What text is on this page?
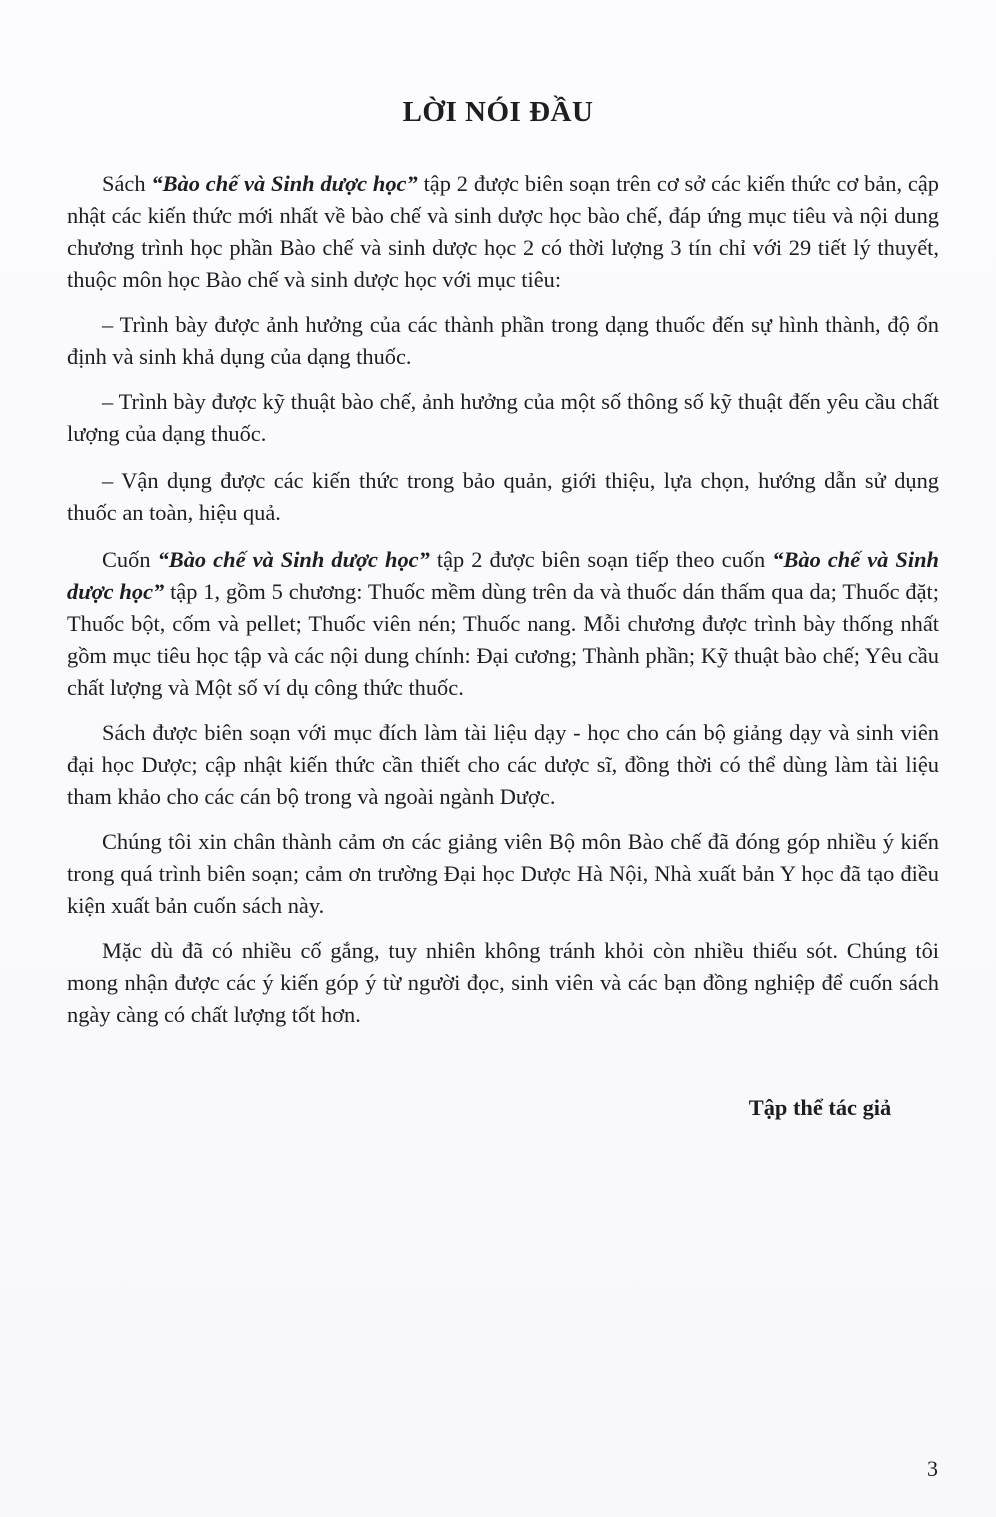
LỜI NÓI ĐẦU

Sách “Bào chế và Sinh dược học” tập 2 được biên soạn trên cơ sở các kiến thức cơ bản, cập nhật các kiến thức mới nhất về bào chế và sinh dược học bào chế, đáp ứng mục tiêu và nội dung chương trình học phần Bào chế và sinh dược học 2 có thời lượng 3 tín chỉ với 29 tiết lý thuyết, thuộc môn học Bào chế và sinh dược học với mục tiêu:

– Trình bày được ảnh hưởng của các thành phần trong dạng thuốc đến sự hình thành, độ ổn định và sinh khả dụng của dạng thuốc.

– Trình bày được kỹ thuật bào chế, ảnh hưởng của một số thông số kỹ thuật đến yêu cầu chất lượng của dạng thuốc.

– Vận dụng được các kiến thức trong bảo quản, giới thiệu, lựa chọn, hướng dẫn sử dụng thuốc an toàn, hiệu quả.

Cuốn “Bào chế và Sinh dược học” tập 2 được biên soạn tiếp theo cuốn “Bào chế và Sinh dược học” tập 1, gồm 5 chương: Thuốc mềm dùng trên da và thuốc dán thấm qua da; Thuốc đặt; Thuốc bột, cốm và pellet; Thuốc viên nén; Thuốc nang. Mỗi chương được trình bày thống nhất gồm mục tiêu học tập và các nội dung chính: Đại cương; Thành phần; Kỹ thuật bào chế; Yêu cầu chất lượng và Một số ví dụ công thức thuốc.

Sách được biên soạn với mục đích làm tài liệu dạy - học cho cán bộ giảng dạy và sinh viên đại học Dược; cập nhật kiến thức cần thiết cho các dược sĩ, đồng thời có thể dùng làm tài liệu tham khảo cho các cán bộ trong và ngoài ngành Dược.

Chúng tôi xin chân thành cảm ơn các giảng viên Bộ môn Bào chế đã đóng góp nhiều ý kiến trong quá trình biên soạn; cảm ơn trường Đại học Dược Hà Nội, Nhà xuất bản Y học đã tạo điều kiện xuất bản cuốn sách này.

Mặc dù đã có nhiều cố gắng, tuy nhiên không tránh khỏi còn nhiều thiếu sót. Chúng tôi mong nhận được các ý kiến góp ý từ người đọc, sinh viên và các bạn đồng nghiệp để cuốn sách ngày càng có chất lượng tốt hơn.

Tập thể tác giả
3
